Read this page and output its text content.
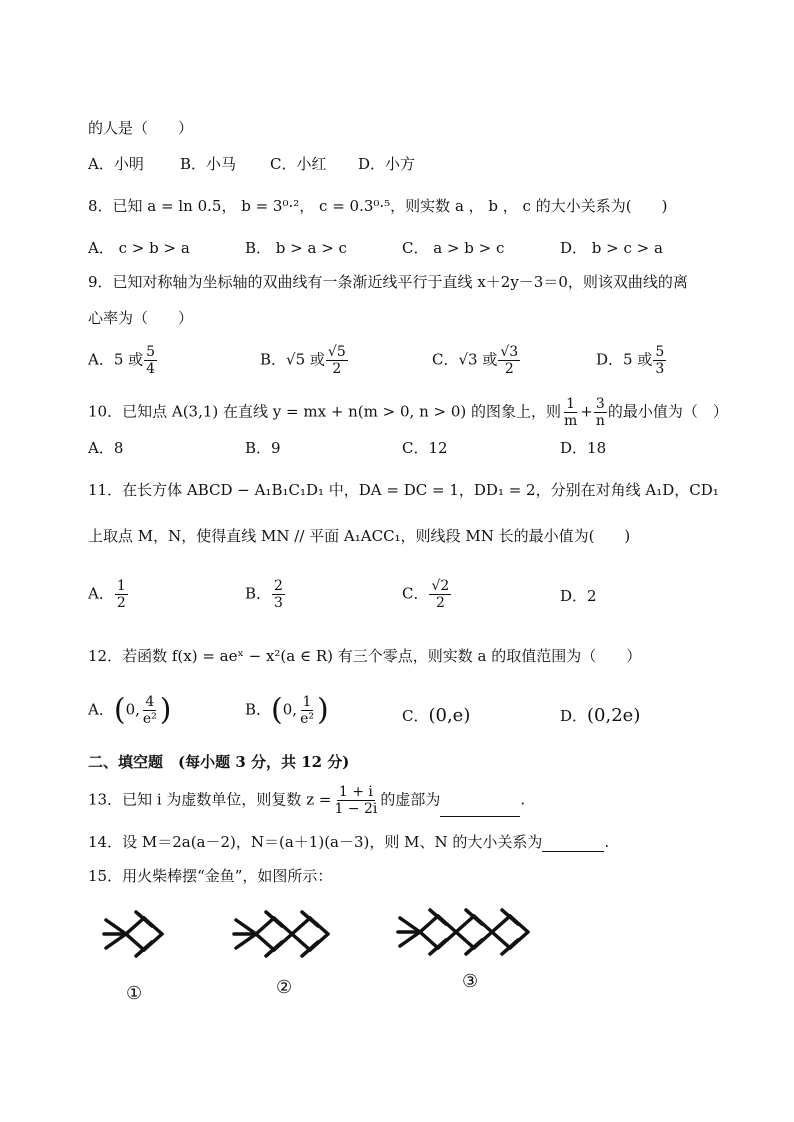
的人是（　　）
A．小明 B．小马 C．小红 D．小方
8．已知 a = ln 0.5， b = 3⁰·²， c = 0.3⁰·⁵，则实数 a ， b ， c 的大小关系为(　　)
A． c > b > a	B． b > a > c	C． a > b > c	D． b > c > a
9．已知对称轴为坐标轴的双曲线有一条渐近线平行于直线 x＋2y－3＝0，则该双曲线的离
心率为（　　）
A．5 或 $\frac{5}{4}$	B．√5 或 $\frac{√5}{2}$	C．√3 或 $\frac{√3}{2}$	D．5 或 $\frac{5}{3}$
10．已知点 A(3,1) 在直线 y = mx + n(m > 0, n > 0) 的图象上，则 $\frac{1}{m} + \frac{3}{n}$ 的最小值为（　）
A．8	B．9	C．12	D．18
11．在长方体 ABCD − A₁B₁C₁D₁ 中，DA = DC = 1，DD₁ = 2，分别在对角线 A₁D，CD₁
上取点 M，N，使得直线 MN // 平面 A₁ACC₁，则线段 MN 长的最小值为(　　)
A． $\frac{1}{2}$	B． $\frac{2}{3}$	C． $\frac{√2}{2}$	D．2
12．若函数 f(x) = aeˣ − x²(a ∈ R) 有三个零点，则实数 a 的取值范围为（　　）
A．(0, $\frac{4}{\text{e²}}$ )	B．(0, $\frac{1}{\text{e²}}$ )	C．(0,e)	D．(0,2e)
二、填空题　(每小题 3 分，共 12 分)
13．已知 i 为虚数单位，则复数 $z = \frac{1 + i}{1 - 2i}$ 的虚部为	.
14．设 M＝2a(a－2)，N＝(a＋1)(a－3)，则 M、N 的大小关系为	.
15．用火柴棒摆“金鱼”，如图所示：
①	②	③
